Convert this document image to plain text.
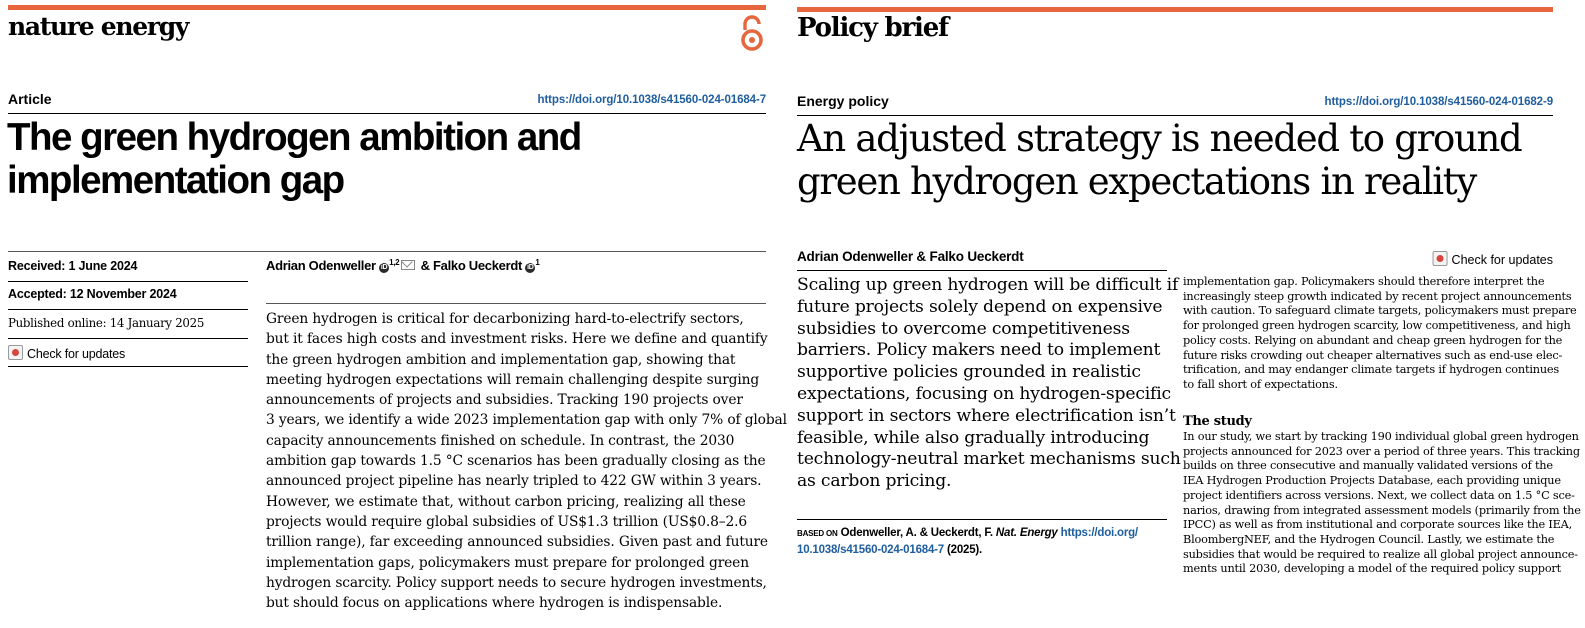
nature energy
Article	https://doi.org/10.1038/s41560-024-01684-7
The green hydrogen ambition and
implementation gap
Received: 1 June 2024
Accepted: 12 November 2024
Published online: 14 January 2025
Check for updates
Adrian Odenweller iD$^{1,2}$ & Falko Ueckerdt $iD^1$
Green hydrogen is critical for decarbonizing hard-to-electrify sectors,
but it faces high costs and investment risks. Here we define and quantify
the green hydrogen ambition and implementation gap, showing that
meeting hydrogen expectations will remain challenging despite surging
announcements of projects and subsidies. Tracking 190 projects over
3 years, we identify a wide 2023 implementation gap with only 7% of global
capacity announcements finished on schedule. In contrast, the 2030
ambition gap towards 1.5 °C scenarios has been gradually closing as the
announced project pipeline has nearly tripled to 422 GW within 3 years.
However, we estimate that, without carbon pricing, realizing all these
projects would require global subsidies of US$1.3 trillion (US$0.8–2.6
trillion range), far exceeding announced subsidies. Given past and future
implementation gaps, policymakers must prepare for prolonged green
hydrogen scarcity. Policy support needs to secure hydrogen investments,
but should focus on applications where hydrogen is indispensable.
Policy brief
Energy policy	https://doi.org/10.1038/s41560-024-01682-9
An adjusted strategy is needed to ground
green hydrogen expectations in reality
Adrian Odenweller & Falko Ueckerdt	Check for updates
Scaling up green hydrogen will be difficult if
future projects solely depend on expensive
subsidies to overcome competitiveness
barriers. Policy makers need to implement
supportive policies grounded in realistic
expectations, focusing on hydrogen-specific
support in sectors where electrification isn’t
feasible, while also gradually introducing
technology-neutral market mechanisms such
as carbon pricing.
BASED ON Odenweller, A. & Ueckerdt, F. Nat. Energy https://doi.org/
10.1038/s41560-024-01684-7 (2025).
implementation gap. Policymakers should therefore interpret the
increasingly steep growth indicated by recent project announcements
with caution. To safeguard climate targets, policymakers must prepare
for prolonged green hydrogen scarcity, low competitiveness, and high
policy costs. Relying on abundant and cheap green hydrogen for the
future risks crowding out cheaper alternatives such as end-use elec-
trification, and may endanger climate targets if hydrogen continues
to fall short of expectations.
The study
In our study, we start by tracking 190 individual global green hydrogen
projects announced for 2023 over a period of three years. This tracking
builds on three consecutive and manually validated versions of the
IEA Hydrogen Production Projects Database, each providing unique
project identifiers across versions. Next, we collect data on 1.5 °C sce-
narios, drawing from integrated assessment models (primarily from the
IPCC) as well as from institutional and corporate sources like the IEA,
BloombergNEF, and the Hydrogen Council. Lastly, we estimate the
subsidies that would be required to realize all global project announce-
ments until 2030, developing a model of the required policy support
